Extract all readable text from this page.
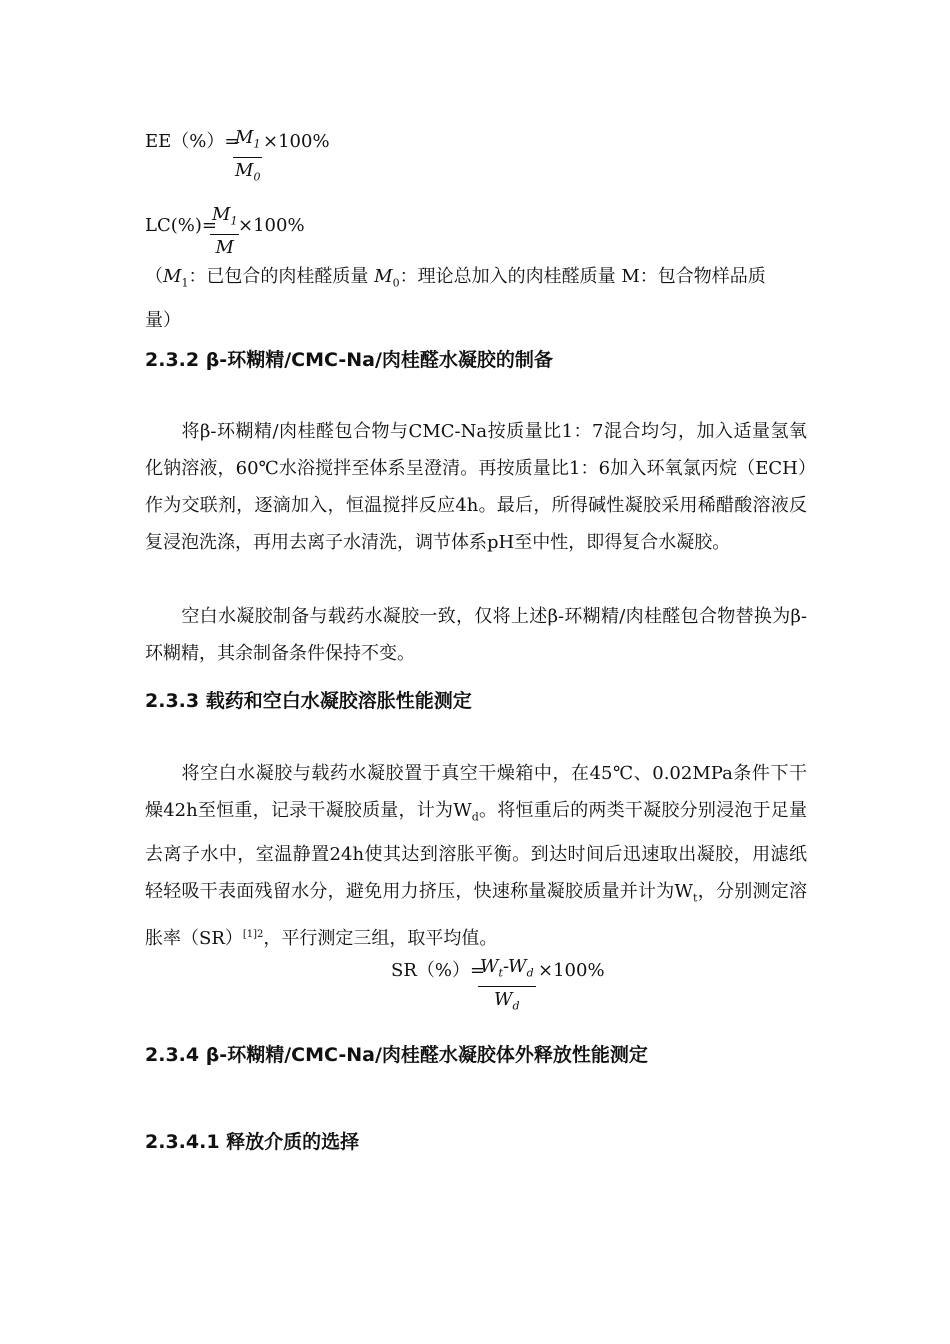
EE（%）=
$\frac{M_1}{M_0} \times 100\%$
LC(%)=
$\frac{M_1}{M}$
×100%
（$M_1$：已包合的肉桂醛质量 $M_0$：理论总加入的肉桂醛质量 M：包合物样品质
量）
2.3.2 β-环糊精/CMC-Na/肉桂醛水凝胶的制备
将β-环糊精/肉桂醛包合物与CMC-Na按质量比1：7混合均匀，加入适量氢氧化钠溶液，60℃水浴搅拌至体系呈澄清。再按质量比1：6加入环氧氯丙烷（ECH）作为交联剂，逐滴加入，恒温搅拌反应4h。最后，所得碱性凝胶采用稀醋酸溶液反复浸泡洗涤，再用去离子水清洗，调节体系pH至中性，即得复合水凝胶。
空白水凝胶制备与载药水凝胶一致，仅将上述β-环糊精/肉桂醛包合物替换为β-环糊精，其余制备条件保持不变。
2.3.3 载药和空白水凝胶溶胀性能测定
将空白水凝胶与载药水凝胶置于真空干燥箱中，在45℃、0.02MPa条件下干燥42h至恒重，记录干凝胶质量，计为$W_d$。将恒重后的两类干凝胶分别浸泡于足量去离子水中，室温静置24h使其达到溶胀平衡。到达时间后迅速取出凝胶，用滤纸轻轻吸干表面残留水分，避免用力挤压，快速称量凝胶质量并计为$W_t$，分别测定溶胀率（SR）$^{[1]2}$，平行测定三组，取平均值。
SR（%）=
$\frac{W_t-W_d}{W_d} \times 100\%$
2.3.4 β-环糊精/CMC-Na/肉桂醛水凝胶体外释放性能测定
2.3.4.1 释放介质的选择
